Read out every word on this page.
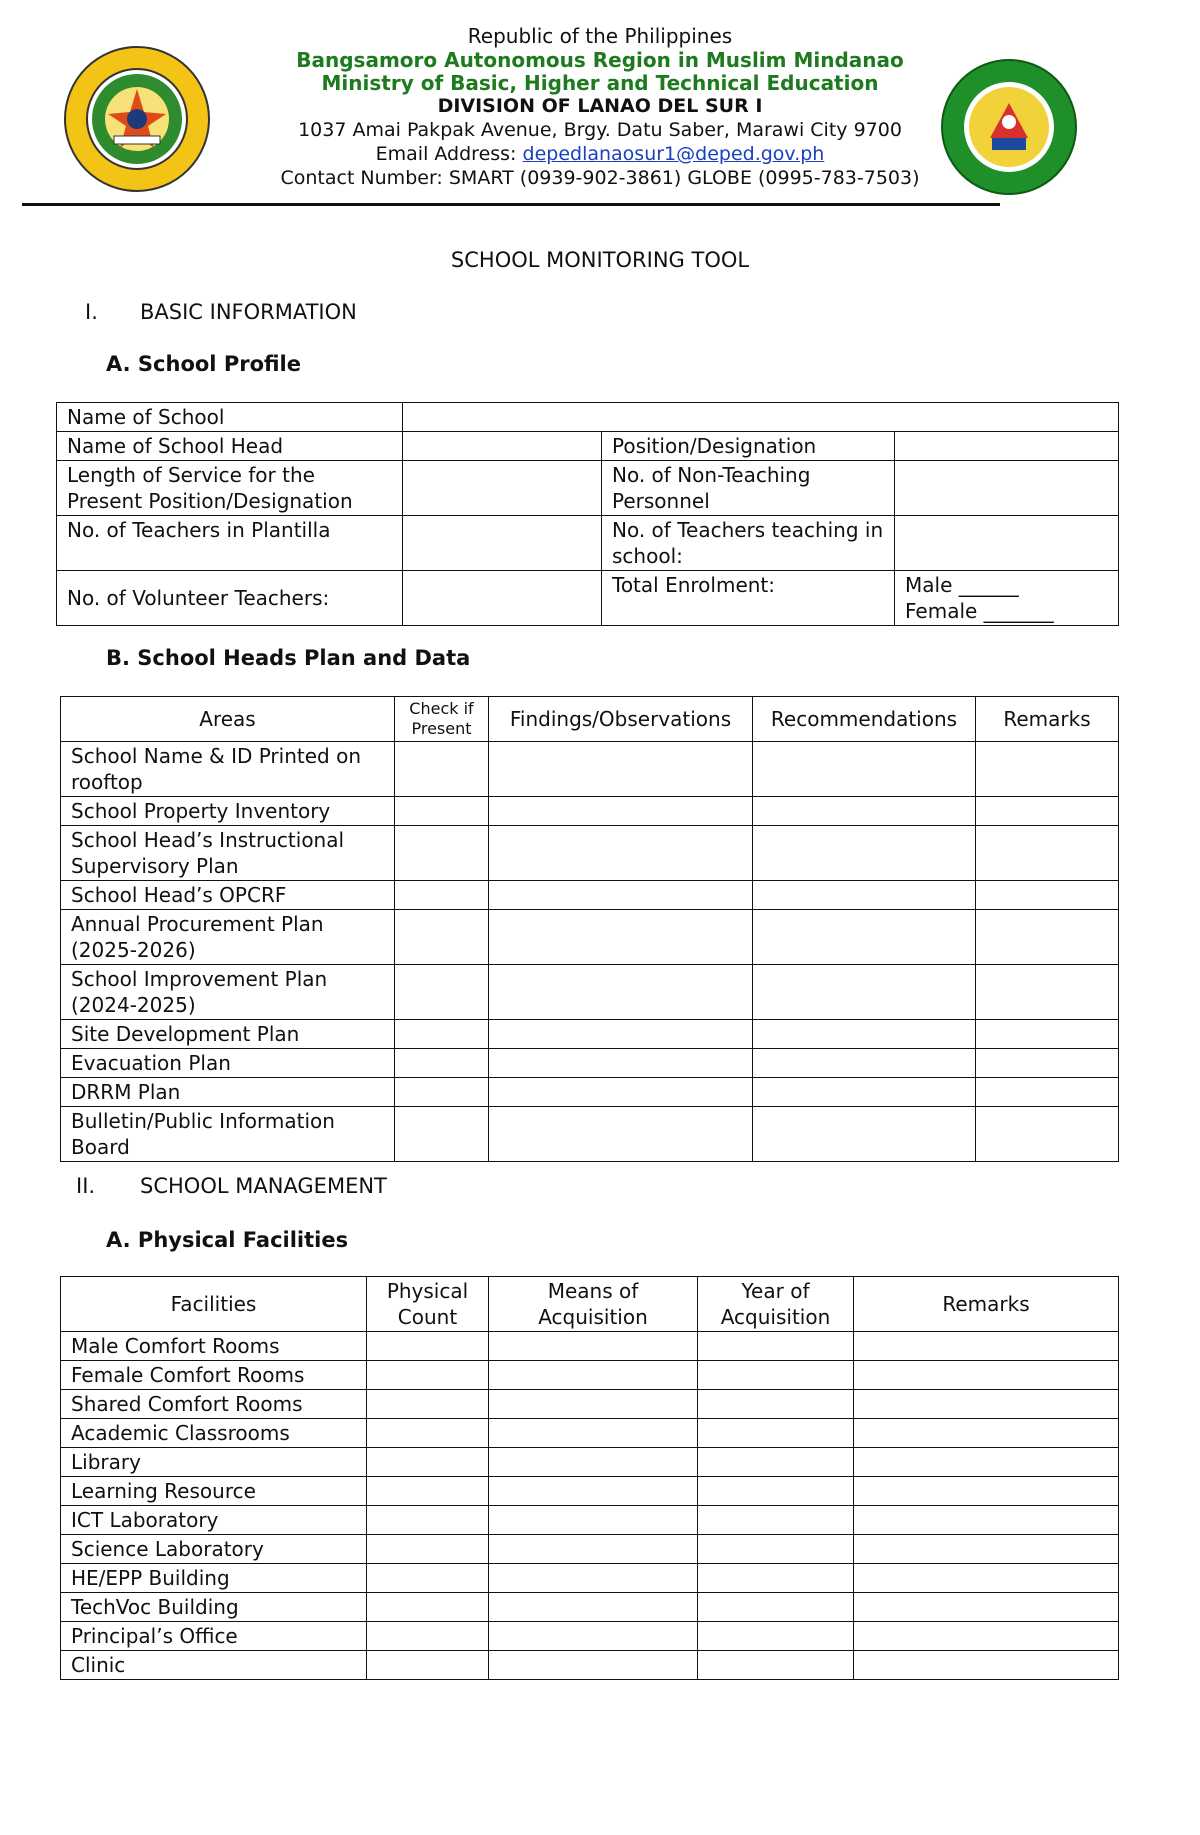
Republic of the Philippines
Bangsamoro Autonomous Region in Muslim Mindanao
Ministry of Basic, Higher and Technical Education
DIVISION OF LANAO DEL SUR I
1037 Amai Pakpak Avenue, Brgy. Datu Saber, Marawi City 9700
Email Address: depedlanaosur1@deped.gov.ph
Contact Number: SMART (0939-902-3861) GLOBE (0995-783-7503)
SCHOOL MONITORING TOOL
I. BASIC INFORMATION
A. School Profile
Name of School			
Name of School Head		Position/Designation	
Length of Service for the Present Position/Designation		No. of Non-Teaching Personnel	
No. of Teachers in Plantilla		No. of Teachers teaching in school:	
No. of Volunteer Teachers:		Total Enrolment:	Male ______
Female _______
B. School Heads Plan and Data
Areas	Check if Present	Findings/Observations	Recommendations	Remarks
School Name & ID Printed on rooftop				
School Property Inventory				
School Head’s Instructional Supervisory Plan				
School Head’s OPCRF				
Annual Procurement Plan (2025-2026)				
School Improvement Plan (2024-2025)				
Site Development Plan				
Evacuation Plan				
DRRM Plan				
Bulletin/Public Information Board				
II. SCHOOL MANAGEMENT
A. Physical Facilities
Facilities	Physical Count	Means of Acquisition	Year of Acquisition	Remarks
Male Comfort Rooms				
Female Comfort Rooms				
Shared Comfort Rooms				
Academic Classrooms				
Library				
Learning Resource				
ICT Laboratory				
Science Laboratory				
HE/EPP Building				
TechVoc Building				
Principal’s Office				
Clinic				
